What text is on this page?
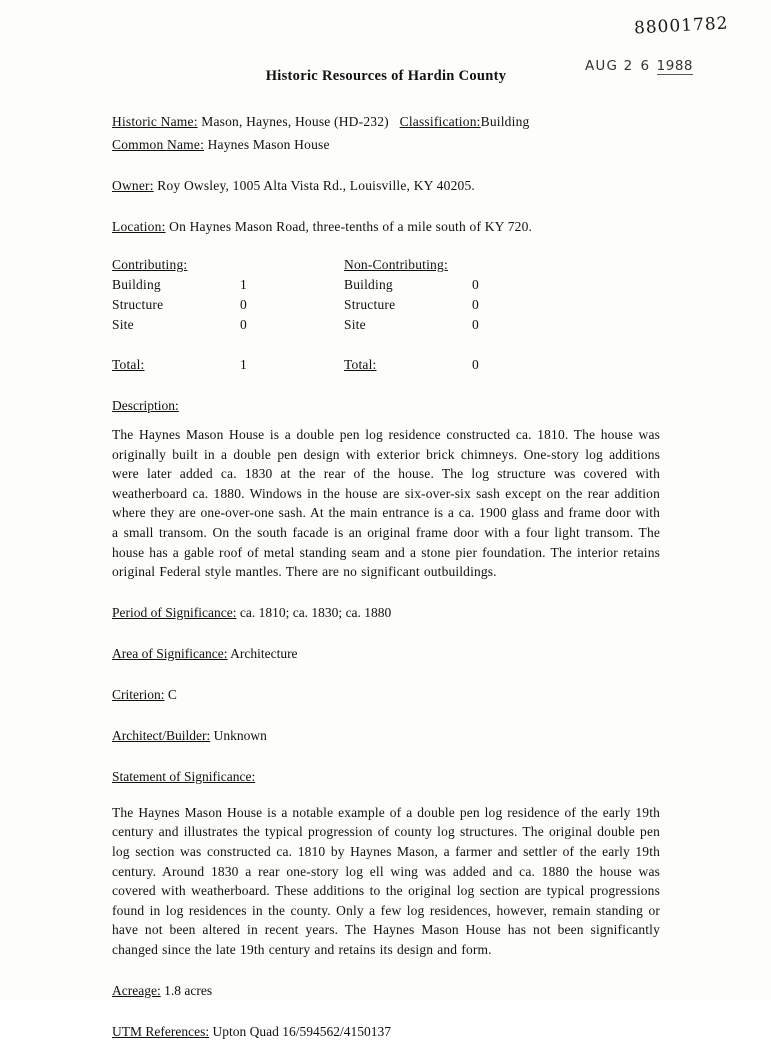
88001782
AUG 2 6 1988
Historic Resources of Hardin County
Historic Name: Mason, Haynes, House (HD-232) Classification:Building
Common Name: Haynes Mason House
Owner: Roy Owsley, 1005 Alta Vista Rd., Louisville, KY 40205.
Location: On Haynes Mason Road, three-tenths of a mile south of KY 720.
Contributing:		Non-Contributing:	
Building	1	Building	0
Structure	0	Structure	0
Site	0	Site	0
Total:	1	Total:	0
Description:

The Haynes Mason House is a double pen log residence constructed ca. 1810. The house was originally built in a double pen design with exterior brick chimneys. One-story log additions were later added ca. 1830 at the rear of the house. The log structure was covered with weatherboard ca. 1880. Windows in the house are six-over-six sash except on the rear addition where they are one-over-one sash. At the main entrance is a ca. 1900 glass and frame door with a small transom. On the south facade is an original frame door with a four light transom. The house has a gable roof of metal standing seam and a stone pier foundation. The interior retains original Federal style mantles. There are no significant outbuildings.

Period of Significance: ca. 1810; ca. 1830; ca. 1880
Area of Significance: Architecture
Criterion: C
Architect/Builder: Unknown
Statement of Significance:

The Haynes Mason House is a notable example of a double pen log residence of the early 19th century and illustrates the typical progression of county log structures. The original double pen log section was constructed ca. 1810 by Haynes Mason, a farmer and settler of the early 19th century. Around 1830 a rear one-story log ell wing was added and ca. 1880 the house was covered with weatherboard. These additions to the original log section are typical progressions found in log residences in the county. Only a few log residences, however, remain standing or have not been altered in recent years. The Haynes Mason House has not been significantly changed since the late 19th century and retains its design and form.

Acreage: 1.8 acres
UTM References: Upton Quad 16/594562/4150137
